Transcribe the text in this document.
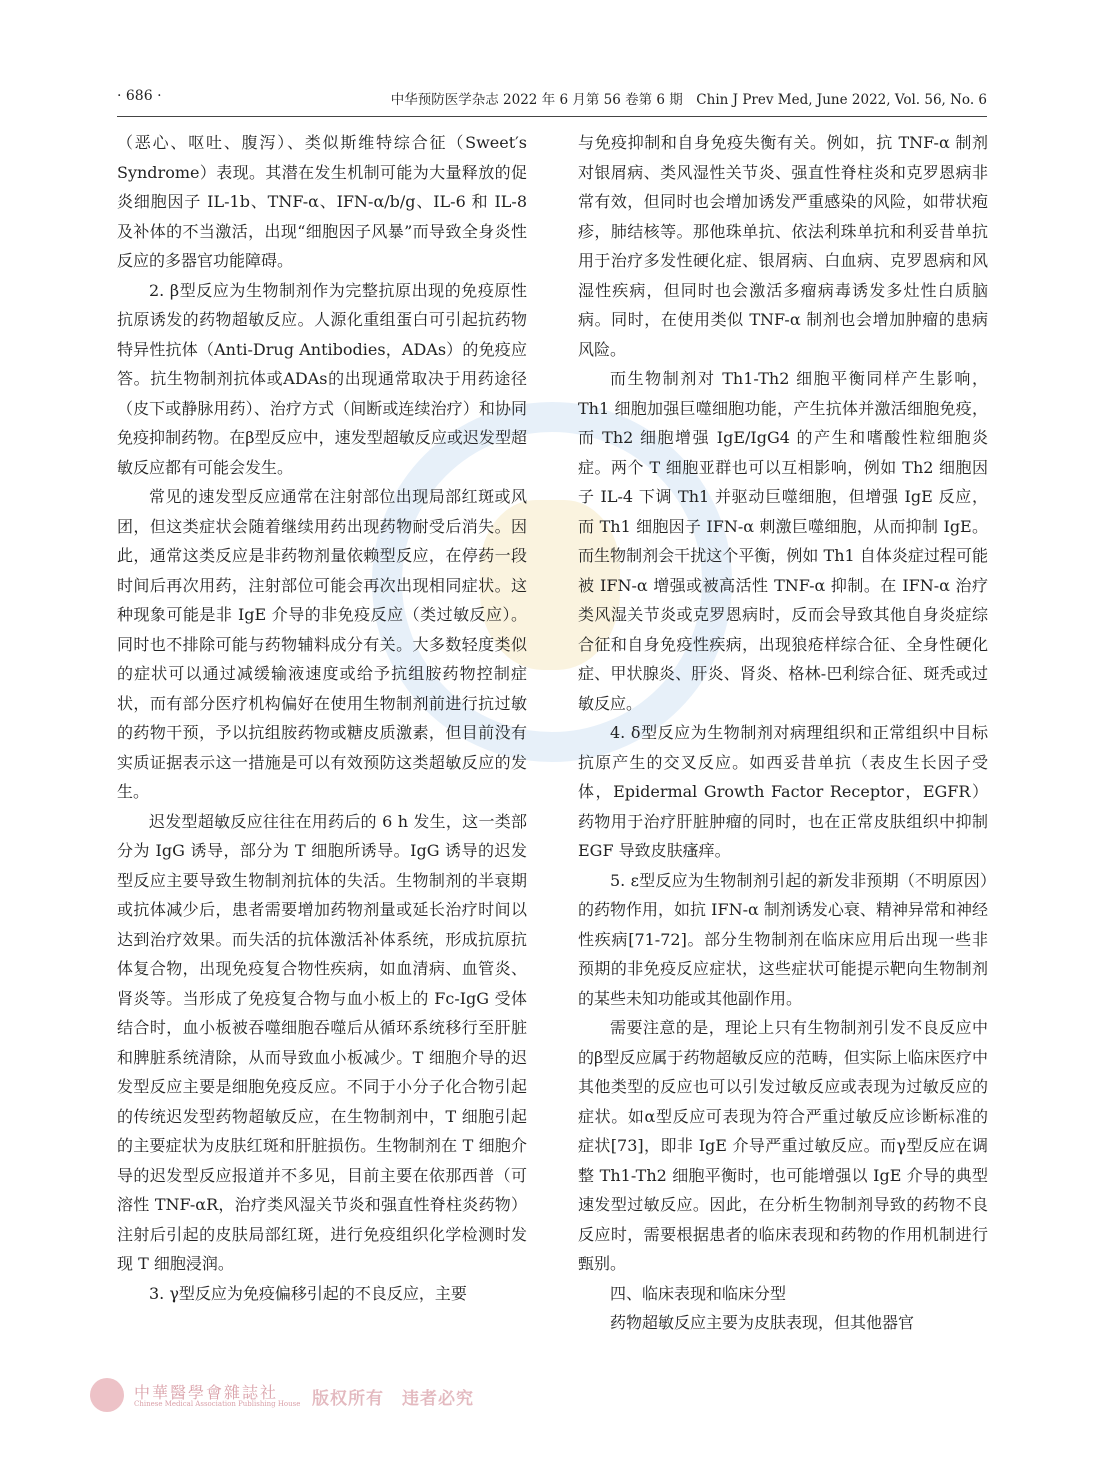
· 686 ·	中华预防医学杂志 2022 年 6 月第 56 卷第 6 期　Chin J Prev Med, June 2022, Vol. 56, No. 6

（恶心、呕吐、腹泻）、类似斯维特综合征（Sweet′s Syndrome）表现。其潜在发生机制可能为大量释放的促炎细胞因子 IL-1b、TNF-α、IFN-α/b/g、IL-6 和 IL-8 及补体的不当激活，出现“细胞因子风暴”而导致全身炎性反应的多器官功能障碍。

2. β型反应为生物制剂作为完整抗原出现的免疫原性抗原诱发的药物超敏反应。人源化重组蛋白可引起抗药物特异性抗体（Anti-Drug Antibodies，ADAs）的免疫应答。抗生物制剂抗体或ADAs的出现通常取决于用药途径（皮下或静脉用药）、治疗方式（间断或连续治疗）和协同免疫抑制药物。在β型反应中，速发型超敏反应或迟发型超敏反应都有可能会发生。

常见的速发型反应通常在注射部位出现局部红斑或风团，但这类症状会随着继续用药出现药物耐受后消失。因此，通常这类反应是非药物剂量依赖型反应，在停药一段时间后再次用药，注射部位可能会再次出现相同症状。这种现象可能是非 IgE 介导的非免疫反应（类过敏反应）。同时也不排除可能与药物辅料成分有关。大多数轻度类似的症状可以通过减缓输液速度或给予抗组胺药物控制症状，而有部分医疗机构偏好在使用生物制剂前进行抗过敏的药物干预，予以抗组胺药物或糖皮质激素，但目前没有实质证据表示这一措施是可以有效预防这类超敏反应的发生。

迟发型超敏反应往往在用药后的 6 h 发生，这一类部分为 IgG 诱导，部分为 T 细胞所诱导。IgG 诱导的迟发型反应主要导致生物制剂抗体的失活。生物制剂的半衰期或抗体减少后，患者需要增加药物剂量或延长治疗时间以达到治疗效果。而失活的抗体激活补体系统，形成抗原抗体复合物，出现免疫复合物性疾病，如血清病、血管炎、肾炎等。当形成了免疫复合物与血小板上的 Fc-IgG 受体结合时，血小板被吞噬细胞吞噬后从循环系统移行至肝脏和脾脏系统清除，从而导致血小板减少。T 细胞介导的迟发型反应主要是细胞免疫反应。不同于小分子化合物引起的传统迟发型药物超敏反应，在生物制剂中，T 细胞引起的主要症状为皮肤红斑和肝脏损伤。生物制剂在 T 细胞介导的迟发型反应报道并不多见，目前主要在依那西普（可溶性 TNF-αR，治疗类风湿关节炎和强直性脊柱炎药物）注射后引起的皮肤局部红斑，进行免疫组织化学检测时发现 T 细胞浸润。

3. γ型反应为免疫偏移引起的不良反应，主要

与免疫抑制和自身免疫失衡有关。例如，抗 TNF-α 制剂对银屑病、类风湿性关节炎、强直性脊柱炎和克罗恩病非常有效，但同时也会增加诱发严重感染的风险，如带状疱疹，肺结核等。那他珠单抗、依法利珠单抗和利妥昔单抗用于治疗多发性硬化症、银屑病、白血病、克罗恩病和风湿性疾病，但同时也会激活多瘤病毒诱发多灶性白质脑病。同时，在使用类似 TNF-α 制剂也会增加肿瘤的患病风险。

而生物制剂对 Th1-Th2 细胞平衡同样产生影响，Th1 细胞加强巨噬细胞功能，产生抗体并激活细胞免疫，而 Th2 细胞增强 IgE/IgG4 的产生和嗜酸性粒细胞炎症。两个 T 细胞亚群也可以互相影响，例如 Th2 细胞因子 IL-4 下调 Th1 并驱动巨噬细胞，但增强 IgE 反应，而 Th1 细胞因子 IFN-α 刺激巨噬细胞，从而抑制 IgE。而生物制剂会干扰这个平衡，例如 Th1 自体炎症过程可能被 IFN-α 增强或被高活性 TNF-α 抑制。在 IFN-α 治疗类风湿关节炎或克罗恩病时，反而会导致其他自身炎症综合征和自身免疫性疾病，出现狼疮样综合征、全身性硬化症、甲状腺炎、肝炎、肾炎、格林-巴利综合征、斑秃或过敏反应。

4. δ型反应为生物制剂对病理组织和正常组织中目标抗原产生的交叉反应。如西妥昔单抗（表皮生长因子受体，Epidermal Growth Factor Receptor，EGFR）药物用于治疗肝脏肿瘤的同时，也在正常皮肤组织中抑制 EGF 导致皮肤瘙痒。

5. ε型反应为生物制剂引起的新发非预期（不明原因）的药物作用，如抗 IFN-α 制剂诱发心衰、精神异常和神经性疾病[71-72]。部分生物制剂在临床应用后出现一些非预期的非免疫反应症状，这些症状可能提示靶向生物制剂的某些未知功能或其他副作用。

需要注意的是，理论上只有生物制剂引发不良反应中的β型反应属于药物超敏反应的范畴，但实际上临床医疗中其他类型的反应也可以引发过敏反应或表现为过敏反应的症状。如α型反应可表现为符合严重过敏反应诊断标准的症状[73]，即非 IgE 介导严重过敏反应。而γ型反应在调整 Th1-Th2 细胞平衡时，也可能增强以 IgE 介导的典型速发型过敏反应。因此，在分析生物制剂导致的药物不良反应时，需要根据患者的临床表现和药物的作用机制进行甄别。

四、临床表现和临床分型

药物超敏反应主要为皮肤表现，但其他器官

中華醫學會雜誌社
Chinese Medical Association Publishing House 版权所有　违者必究
